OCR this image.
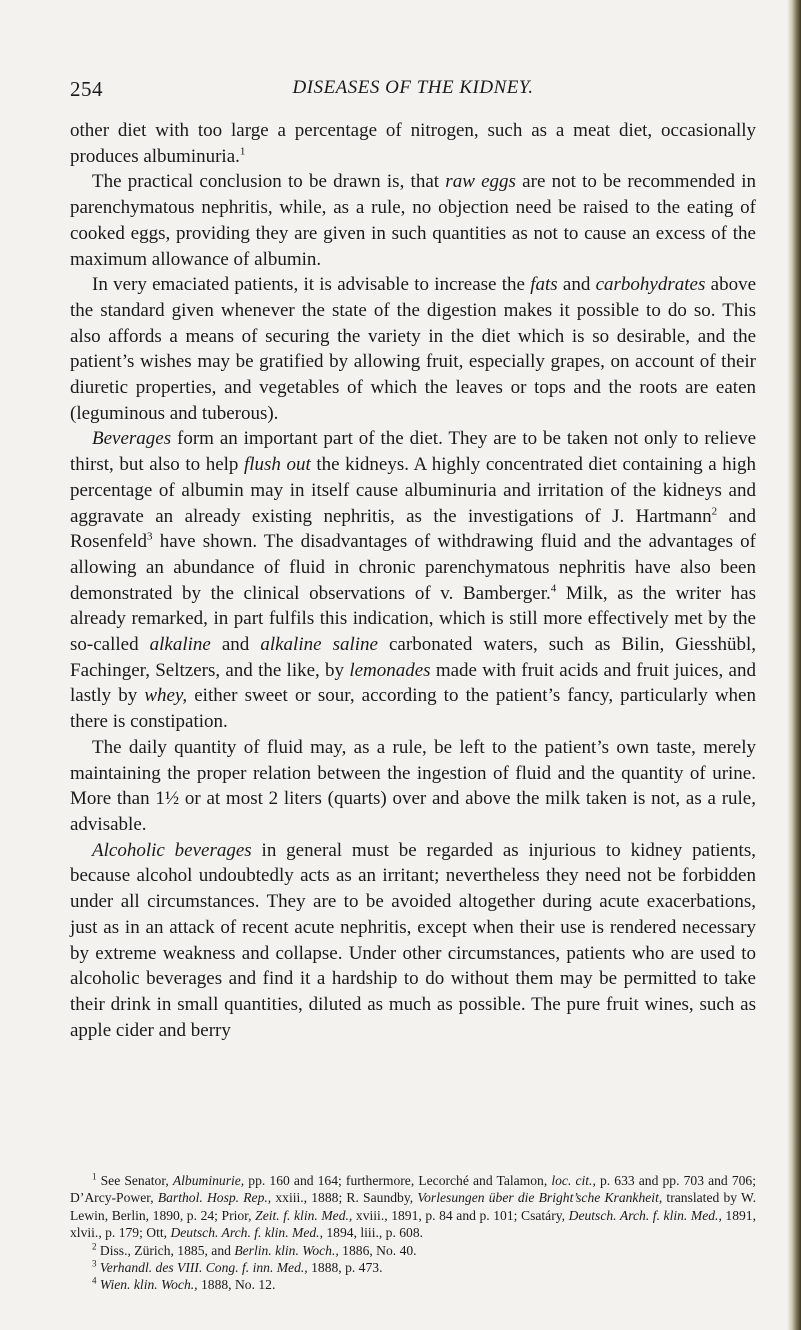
254	DISEASES OF THE KIDNEY.

other diet with too large a percentage of nitrogen, such as a meat diet, occasionally produces albuminuria.$^1$

The practical conclusion to be drawn is, that raw eggs are not to be recommended in parenchymatous nephritis, while, as a rule, no objection need be raised to the eating of cooked eggs, providing they are given in such quantities as not to cause an excess of the maximum allowance of albumin.

In very emaciated patients, it is advisable to increase the fats and carbohydrates above the standard given whenever the state of the digestion makes it possible to do so. This also affords a means of securing the variety in the diet which is so desirable, and the patient’s wishes may be gratified by allowing fruit, especially grapes, on account of their diuretic properties, and vegetables of which the leaves or tops and the roots are eaten (leguminous and tuberous).

Beverages form an important part of the diet. They are to be taken not only to relieve thirst, but also to help flush out the kidneys. A highly concentrated diet containing a high percentage of albumin may in itself cause albuminuria and irritation of the kidneys and aggravate an already existing nephritis, as the investigations of J. Hartmann$^2$ and Rosenfeld$^3$ have shown. The disadvantages of withdrawing fluid and the advantages of allowing an abundance of fluid in chronic parenchymatous nephritis have also been demonstrated by the clinical observations of v. Bamberger.$^4$ Milk, as the writer has already remarked, in part fulfils this indication, which is still more effectively met by the so-called alkaline and alkaline saline carbonated waters, such as Bilin, Giesshübl, Fachinger, Seltzers, and the like, by lemonades made with fruit acids and fruit juices, and lastly by whey, either sweet or sour, according to the patient’s fancy, particularly when there is constipation.

The daily quantity of fluid may, as a rule, be left to the patient’s own taste, merely maintaining the proper relation between the ingestion of fluid and the quantity of urine. More than 1½ or at most 2 liters (quarts) over and above the milk taken is not, as a rule, advisable.

Alcoholic beverages in general must be regarded as injurious to kidney patients, because alcohol undoubtedly acts as an irritant; nevertheless they need not be forbidden under all circumstances. They are to be avoided altogether during acute exacerbations, just as in an attack of recent acute nephritis, except when their use is rendered necessary by extreme weakness and collapse. Under other circumstances, patients who are used to alcoholic beverages and find it a hardship to do without them may be permitted to take their drink in small quantities, diluted as much as possible. The pure fruit wines, such as apple cider and berry

$^1$ See Senator, Albuminurie, pp. 160 and 164; furthermore, Lecorché and Talamon, loc. cit., p. 633 and pp. 703 and 706; D’Arcy-Power, Barthol. Hosp. Rep., xxiii., 1888; R. Saundby, Vorlesungen über die Bright’sche Krankheit, translated by W. Lewin, Berlin, 1890, p. 24; Prior, Zeit. f. klin. Med., xviii., 1891, p. 84 and p. 101; Csatáry, Deutsch. Arch. f. klin. Med., 1891, xlvii., p. 179; Ott, Deutsch. Arch. f. klin. Med., 1894, liii., p. 608.

$^2$ Diss., Zürich, 1885, and Berlin. klin. Woch., 1886, No. 40.

$^3$ Verhandl. des VIII. Cong. f. inn. Med., 1888, p. 473.

$^4$ Wien. klin. Woch., 1888, No. 12.
